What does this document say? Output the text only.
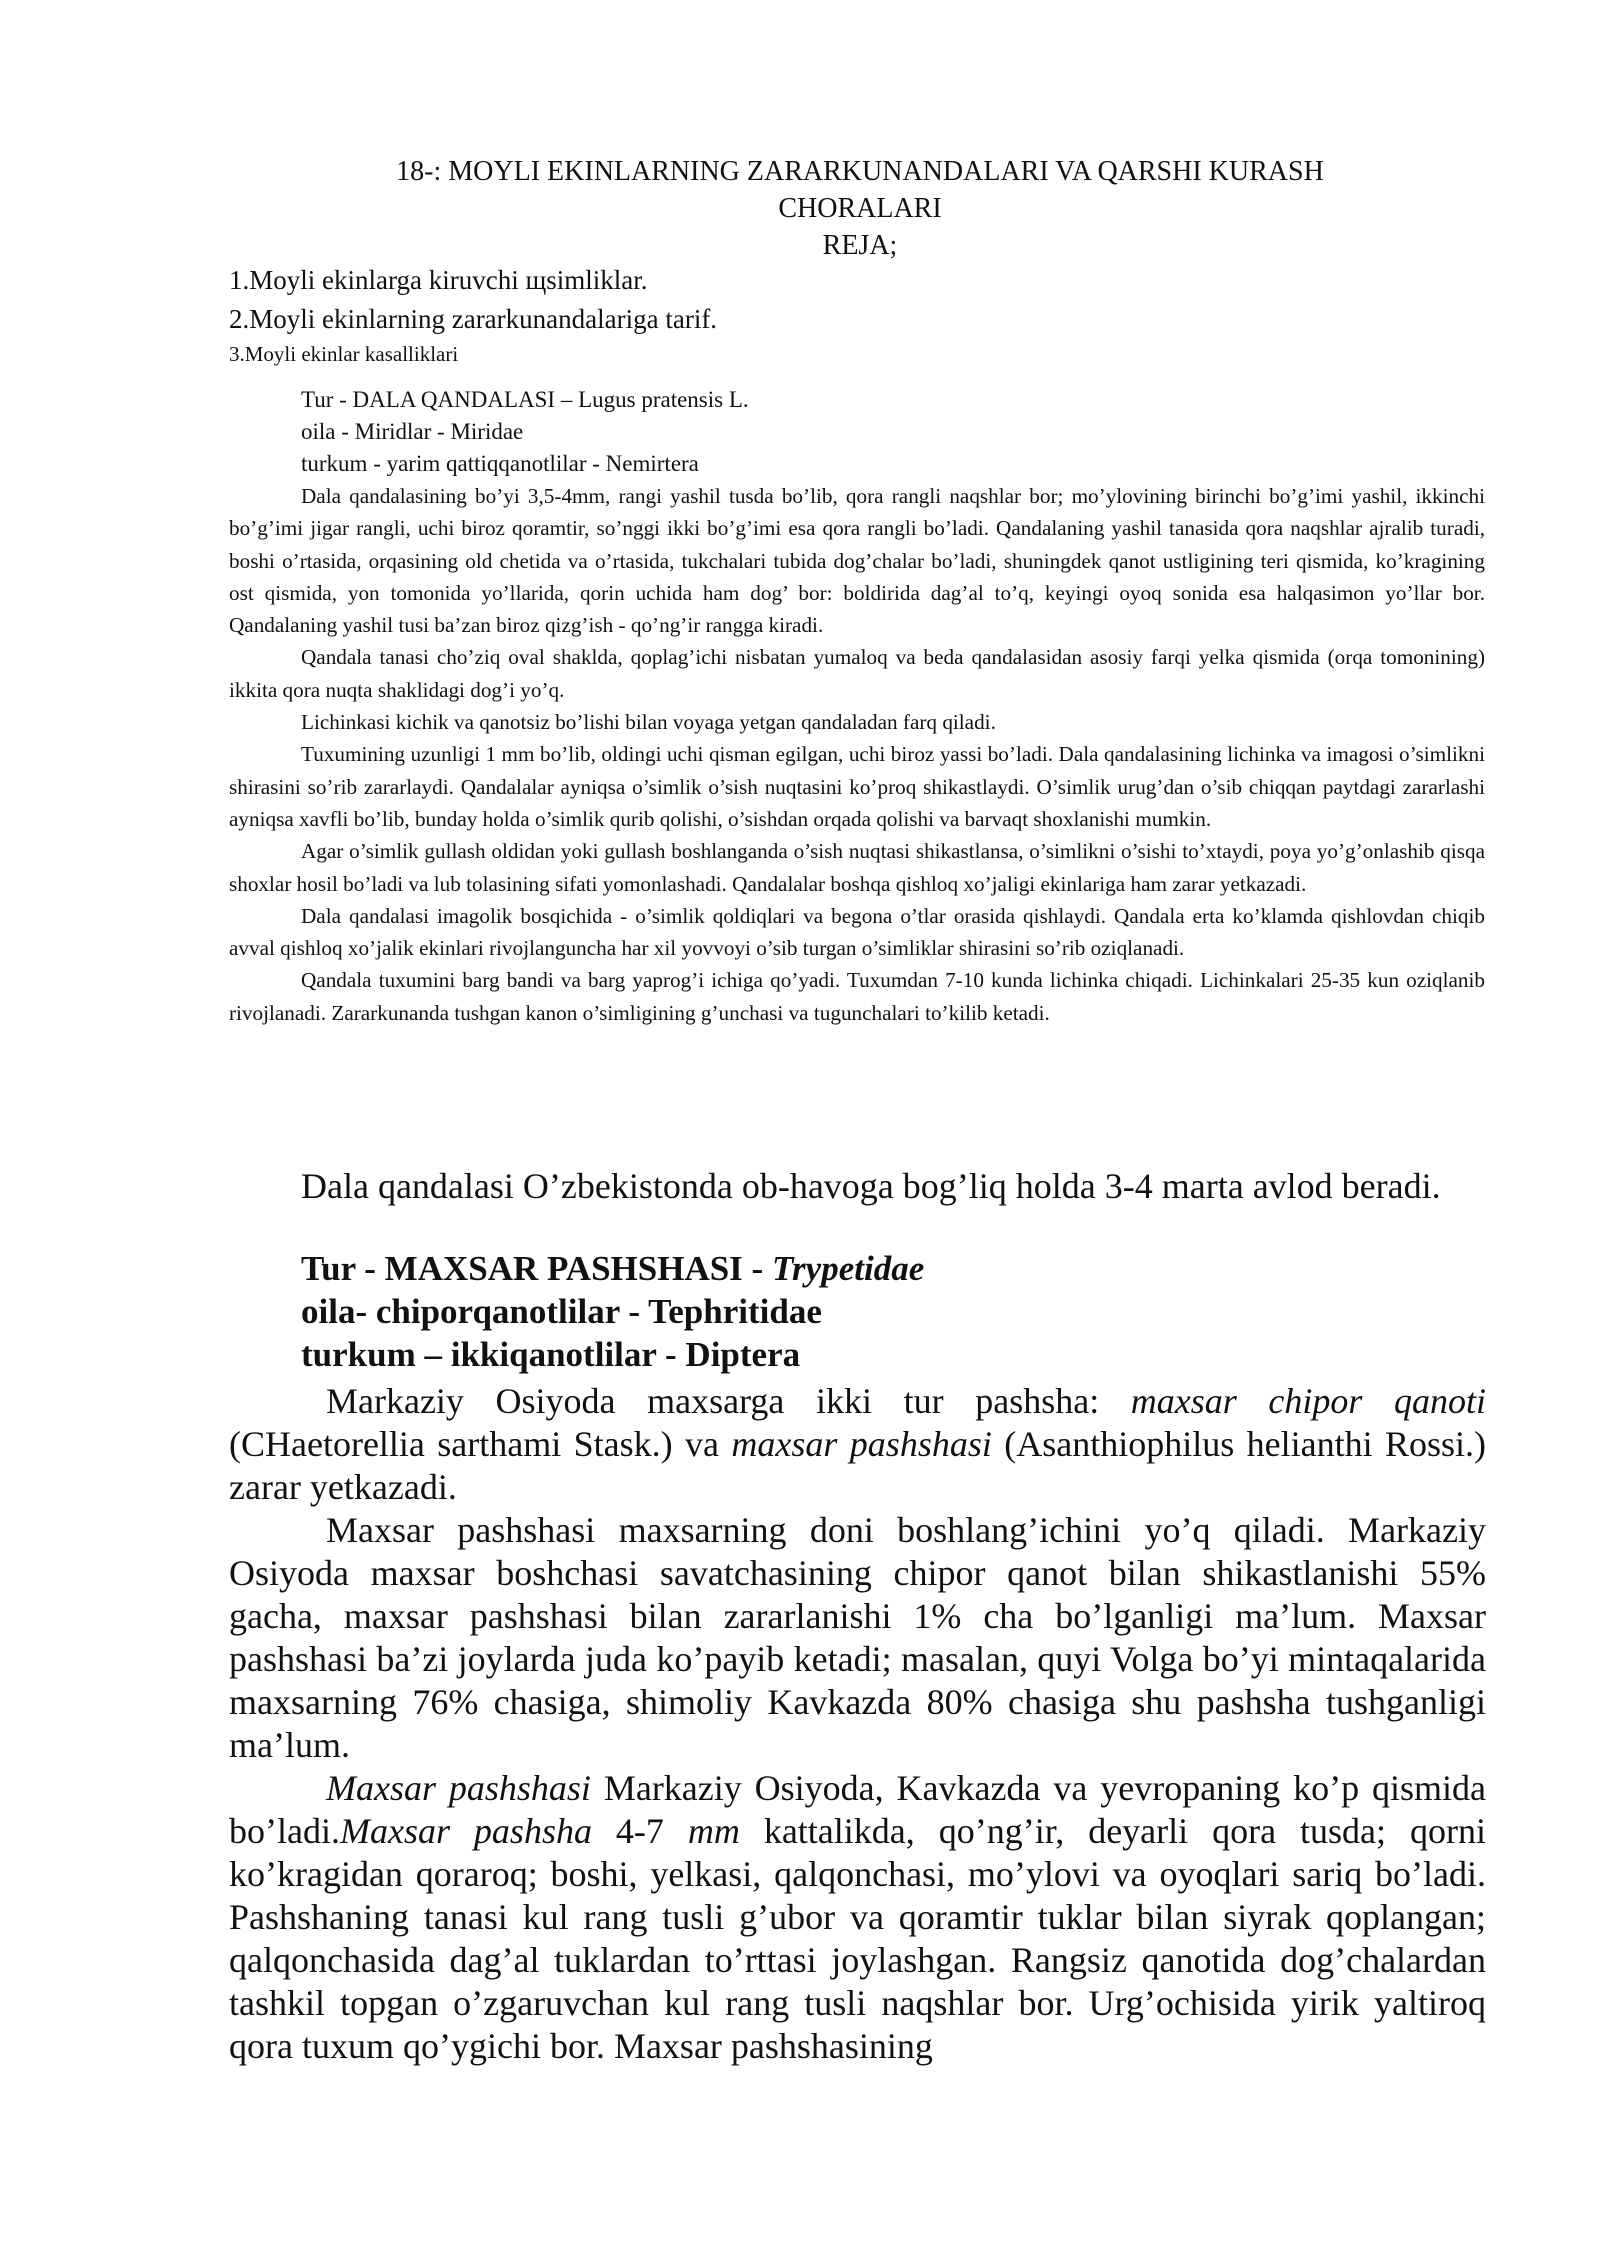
18-: MOYLI EKINLARNING ZARARKUNANDALARI VA QARSHI KURASH
CHORALARI
REJA;
1.Moyli ekinlarga kiruvchi щsimliklar.
2.Moyli ekinlarning zararkunandalariga tarif.
3.Moyli ekinlar kasalliklari
Tur - DALA QANDALASI – Lugus pratensis L.
oila - Miridlar - Miridae
turkum - yarim qattiqqanotlilar - Nemirtera

Dala qandalasining bo’yi 3,5-4mm, rangi yashil tusda bo’lib, qora rangli naqshlar bor; mo’ylovining birinchi bo’g’imi yashil, ikkinchi bo’g’imi jigar rangli, uchi biroz qoramtir, so’nggi ikki bo’g’imi esa qora rangli bo’ladi. Qandalaning yashil tanasida qora naqshlar ajralib turadi, boshi o’rtasida, orqasining old chetida va o’rtasida, tukchalari tubida dog’chalar bo’ladi, shuningdek qanot ustligining teri qismida, ko’kragining ost qismida, yon tomonida yo’llarida, qorin uchida ham dog’ bor: boldirida dag’al to’q, keyingi oyoq sonida esa halqasimon yo’llar bor. Qandalaning yashil tusi ba’zan biroz qizg’ish - qo’ng’ir rangga kiradi.

Qandala tanasi cho’ziq oval shaklda, qoplag’ichi nisbatan yumaloq va beda qandalasidan asosiy farqi yelka qismida (orqa tomonining) ikkita qora nuqta shaklidagi dog’i yo’q.

Lichinkasi kichik va qanotsiz bo’lishi bilan voyaga yetgan qandaladan farq qiladi.

Tuxumining uzunligi 1 mm bo’lib, oldingi uchi qisman egilgan, uchi biroz yassi bo’ladi. Dala qandalasining lichinka va imagosi o’simlikni shirasini so’rib zararlaydi. Qandalalar ayniqsa o’simlik o’sish nuqtasini ko’proq shikastlaydi. O’simlik urug’dan o’sib chiqqan paytdagi zararlashi ayniqsa xavfli bo’lib, bunday holda o’simlik qurib qolishi, o’sishdan orqada qolishi va barvaqt shoxlanishi mumkin.

Agar o’simlik gullash oldidan yoki gullash boshlanganda o’sish nuqtasi shikastlansa, o’simlikni o’sishi to’xtaydi, poya yo’g’onlashib qisqa shoxlar hosil bo’ladi va lub tolasining sifati yomonlashadi. Qandalalar boshqa qishloq xo’jaligi ekinlariga ham zarar yetkazadi.

Dala qandalasi imagolik bosqichida - o’simlik qoldiqlari va begona o’tlar orasida qishlaydi. Qandala erta ko’klamda qishlovdan chiqib avval qishloq xo’jalik ekinlari rivojlanguncha har xil yovvoyi o’sib turgan o’simliklar shirasini so’rib oziqlanadi.

Qandala tuxumini barg bandi va barg yaprog’i ichiga qo’yadi. Tuxumdan 7-10 kunda lichinka chiqadi. Lichinkalari 25-35 kun oziqlanib rivojlanadi. Zararkunanda tushgan kanon o’simligining g’unchasi va tugunchalari to’kilib ketadi.

Dala qandalasi O’zbekistonda ob-havoga bog’liq holda 3-4 marta avlod beradi.

Tur - MAXSAR PASHSHASI - Trypetidae
oila- chiporqanotlilar - Tephritidae
turkum – ikkiqanotlilar - Diptera

Markaziy Osiyoda maxsarga ikki tur pashsha: maxsar chipor qanoti (CHaetorellia sarthami Stask.) va maxsar pashshasi (Asanthiophilus helianthi Rossi.) zarar yetkazadi.

Maxsar pashshasi maxsarning doni boshlang’ichini yo’q qiladi. Markaziy Osiyoda maxsar boshchasi savatchasining chipor qanot bilan shikastlanishi 55% gacha, maxsar pashshasi bilan zararlanishi 1% cha bo’lganligi ma’lum. Maxsar pashshasi ba’zi joylarda juda ko’payib ketadi; masalan, quyi Volga bo’yi mintaqalarida maxsarning 76% chasiga, shimoliy Kavkazda 80% chasiga shu pashsha tushganligi ma’lum.

Maxsar pashshasi Markaziy Osiyoda, Kavkazda va yevropaning ko’p qismida bo’ladi.Maxsar pashsha 4-7 mm kattalikda, qo’ng’ir, deyarli qora tusda; qorni ko’kragidan qoraroq; boshi, yelkasi, qalqonchasi, mo’ylovi va oyoqlari sariq bo’ladi. Pashshaning tanasi kul rang tusli g’ubor va qoramtir tuklar bilan siyrak qoplangan; qalqonchasida dag’al tuklardan to’rttasi joylashgan. Rangsiz qanotida dog’chalardan tashkil topgan o’zgaruvchan kul rang tusli naqshlar bor. Urg’ochisida yirik yaltiroq qora tuxum qo’ygichi bor. Maxsar pashshasining
